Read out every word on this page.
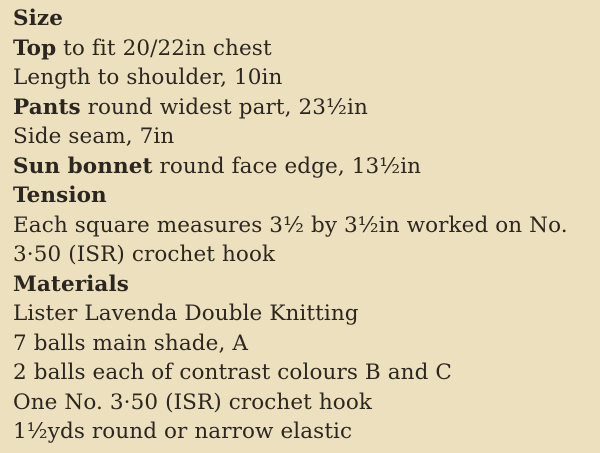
Size
Top to fit 20/22in chest
Length to shoulder, 10in
Pants round widest part, 23½in
Side seam, 7in
Sun bonnet round face edge, 13½in
Tension
Each square measures 3½ by 3½in worked on No.
3·50 (ISR) crochet hook
Materials
Lister Lavenda Double Knitting
7 balls main shade, A
2 balls each of contrast colours B and C
One No. 3·50 (ISR) crochet hook
1½yds round or narrow elastic
